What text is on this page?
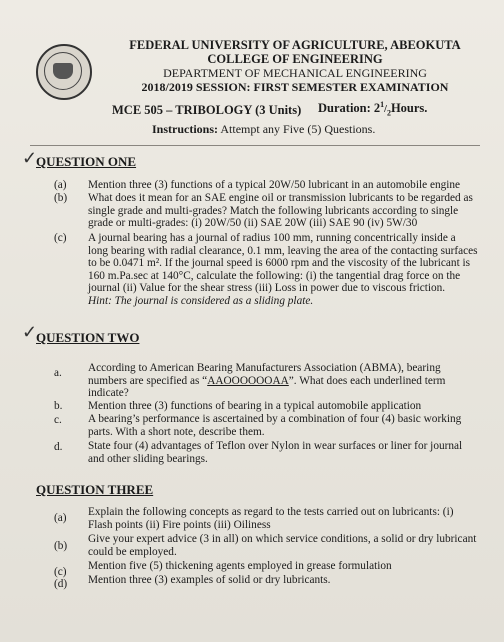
FEDERAL UNIVERSITY OF AGRICULTURE, ABEOKUTA
COLLEGE OF ENGINEERING
DEPARTMENT OF MECHANICAL ENGINEERING
2018/2019 SESSION: FIRST SEMESTER EXAMINATION
MCE 505 – TRIBOLOGY (3 Units) Duration: $2^1/_2Hours$.
Instructions: Attempt any Five (5) Questions.
✓
QUESTION ONE
(a) Mention three (3) functions of a typical 20W/50 lubricant in an automobile engine
(b) What does it mean for an SAE engine oil or transmission lubricants to be regarded as
single grade and multi-grades? Match the following lubricants according to single
grade or multi-grades: (i) 20W/50 (ii) SAE 20W (iii) SAE 90 (iv) 5W/30
(c) A journal bearing has a journal of radius 100 mm, running concentrically inside a
long bearing with radial clearance, 0.1 mm, leaving the area of the contacting surfaces
to be 0.0471 m². If the journal speed is 6000 rpm and the viscosity of the lubricant is
160 m.Pa.sec at 140°C, calculate the following: (i) the tangential drag force on the
journal (ii) Value for the shear stress (iii) Loss in power due to viscous friction.
Hint: The journal is considered as a sliding plate.
✓
QUESTION TWO
a. According to American Bearing Manufacturers Association (ABMA), bearing
numbers are specified as “AAOOOOOOAA”. What does each underlined term
indicate?
b. Mention three (3) functions of bearing in a typical automobile application
c. A bearing’s performance is ascertained by a combination of four (4) basic working
parts. With a short note, describe them.
d. State four (4) advantages of Teflon over Nylon in wear surfaces or liner for journal
and other sliding bearings.
QUESTION THREE
(a) Explain the following concepts as regard to the tests carried out on lubricants: (i)
Flash points (ii) Fire points (iii) Oiliness
(b)
Give your expert advice (3 in all) on which service conditions, a solid or dry lubricant
could be employed.
(c) Mention five (5) thickening agents employed in grease formulation
(d) Mention three (3) examples of solid or dry lubricants.
